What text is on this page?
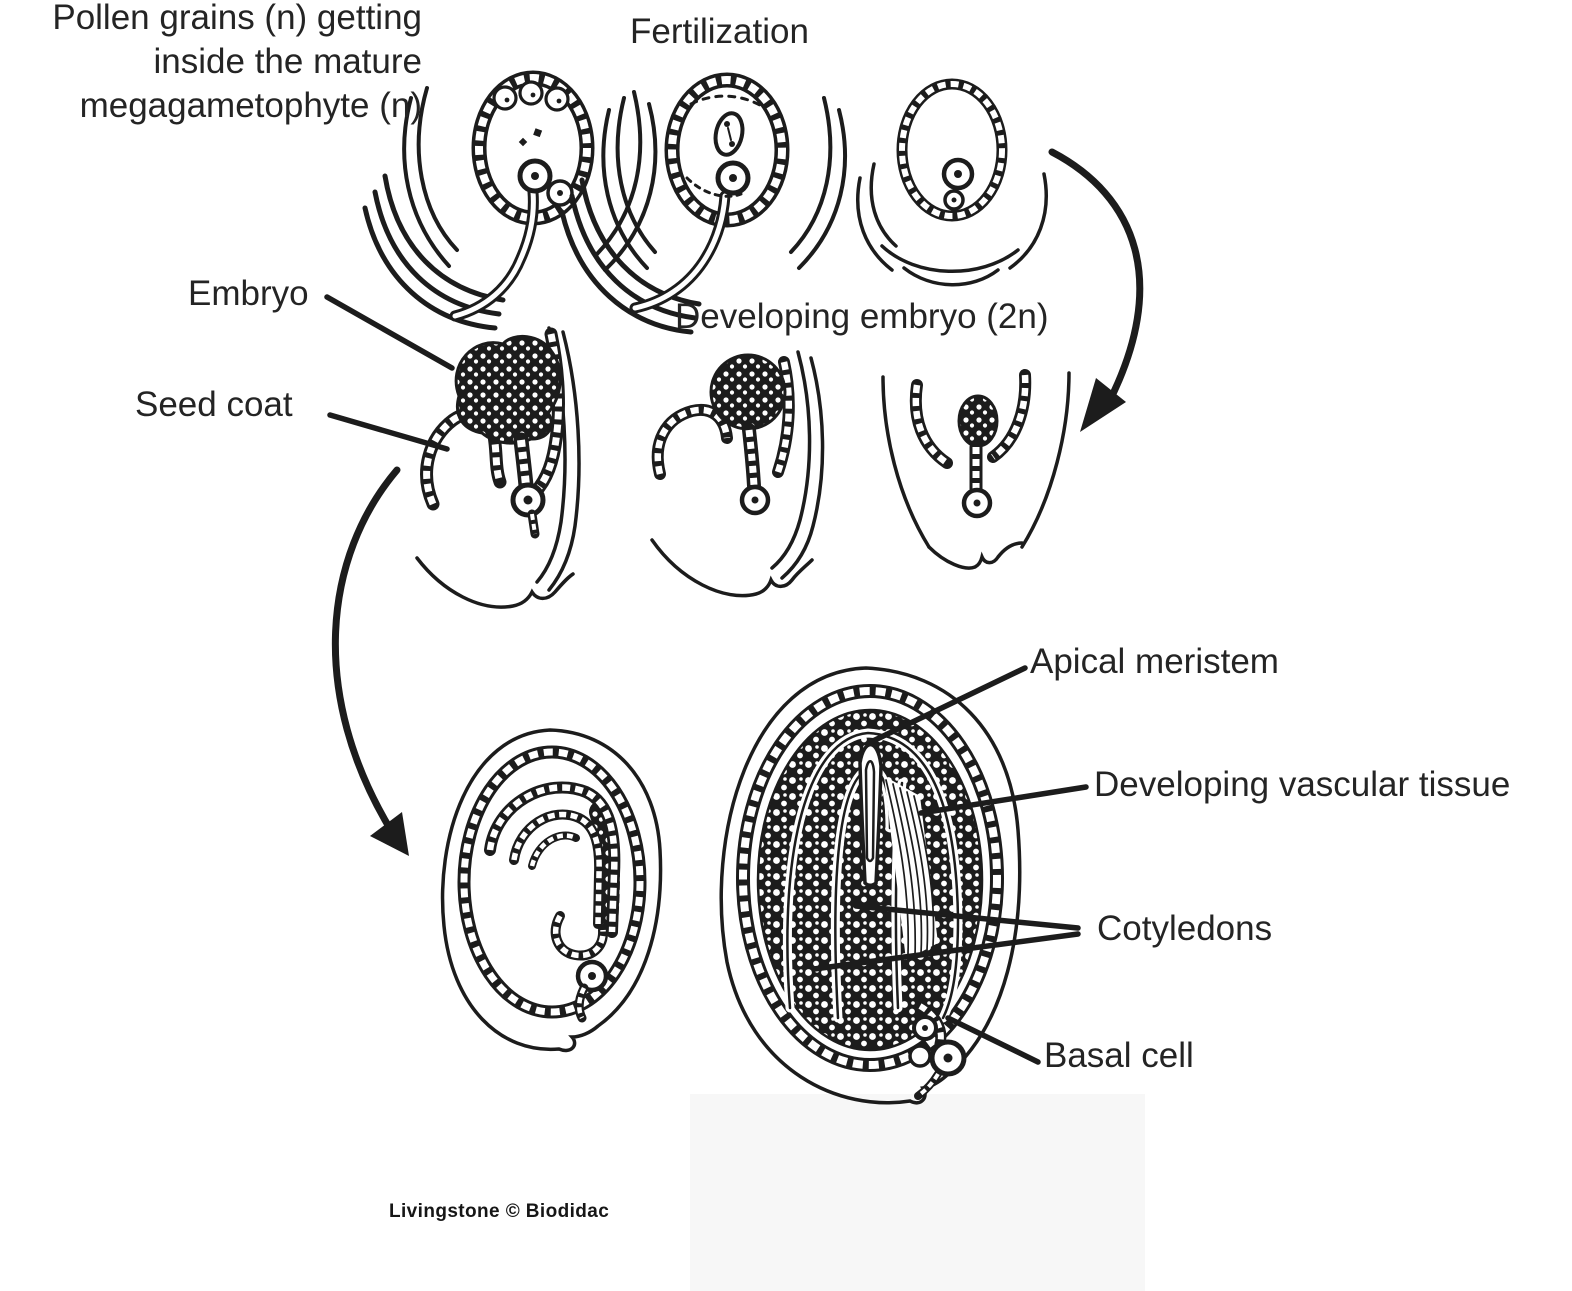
Pollen grains (n) getting
inside the mature
megagametophyte (n)
Fertilization
Embryo
Seed coat
Developing embryo (2n)
Apical meristem
Developing vascular tissue
Cotyledons
Basal cell
Livingstone © Biodidac
